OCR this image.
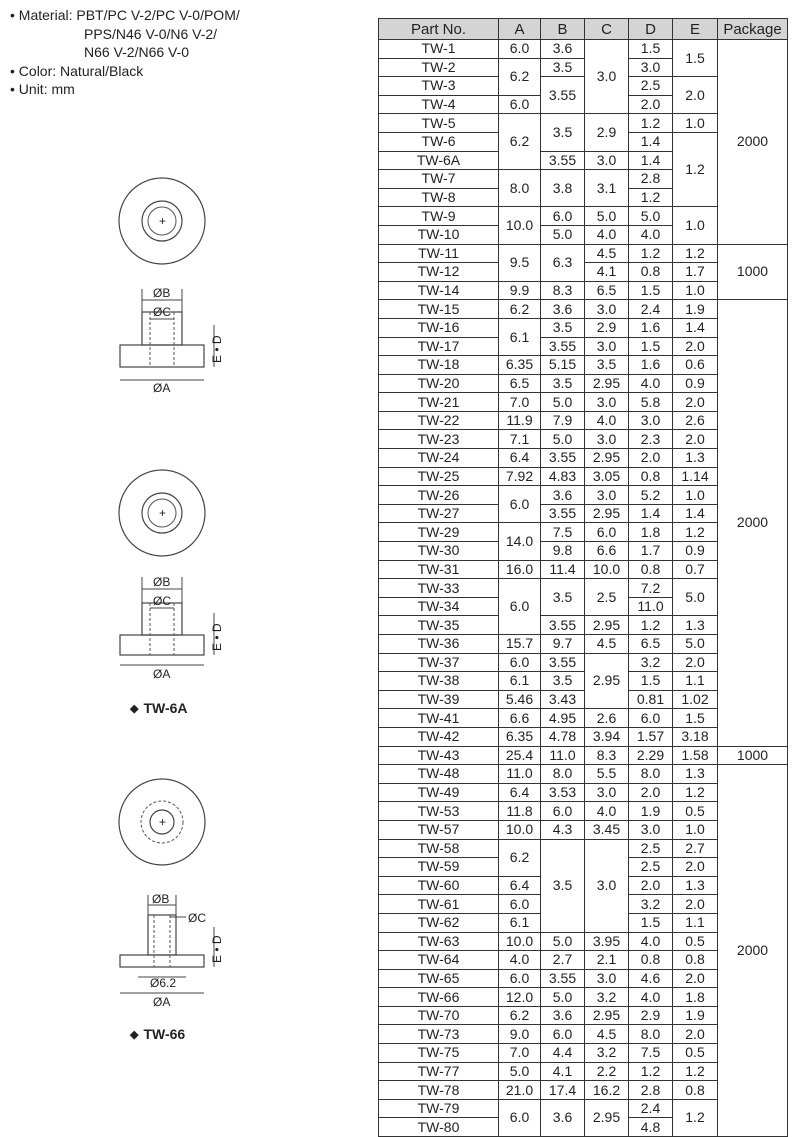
• Material: PBT/PC V-2/PC V-0/POM/
PPS/N46 V-0/N6 V-2/
N66 V-2/N66 V-0
• Color: Natural/Black
• Unit: mm
+
ØB
ØC
ØA
E • D
+
ØB
ØC
ØA
E • D
◆ TW-6A
+
ØB
ØC
Ø6.2
ØA
E • D
◆ TW-66
Part No.	A	B	C	D	E	Package
TW-1	6.0	3.6	3.0	1.5	1.5	2000
TW-2	6.2	3.5		3.0		
TW-3		3.55		2.5	2.0	
TW-4	6.0			2.0		
TW-5	6.2	3.5	2.9	1.2	1.0	
TW-6				1.4	1.2	
TW-6A		3.55	3.0	1.4		
TW-7	8.0	3.8	3.1	2.8		
TW-8				1.2		
TW-9	10.0	6.0	5.0	5.0	1.0	
TW-10		5.0	4.0	4.0		
TW-11	9.5	6.3	4.5	1.2	1.2	1000
TW-12			4.1	0.8	1.7	
TW-14	9.9	8.3	6.5	1.5	1.0	
TW-15	6.2	3.6	3.0	2.4	1.9	2000
TW-16	6.1	3.5	2.9	1.6	1.4	
TW-17		3.55	3.0	1.5	2.0	
TW-18	6.35	5.15	3.5	1.6	0.6	
TW-20	6.5	3.5	2.95	4.0	0.9	
TW-21	7.0	5.0	3.0	5.8	2.0	
TW-22	11.9	7.9	4.0	3.0	2.6	
TW-23	7.1	5.0	3.0	2.3	2.0	
TW-24	6.4	3.55	2.95	2.0	1.3	
TW-25	7.92	4.83	3.05	0.8	1.14	
TW-26	6.0	3.6	3.0	5.2	1.0	
TW-27		3.55	2.95	1.4	1.4	
TW-29	14.0	7.5	6.0	1.8	1.2	
TW-30		9.8	6.6	1.7	0.9	
TW-31	16.0	11.4	10.0	0.8	0.7	
TW-33	6.0	3.5	2.5	7.2	5.0	
TW-34				11.0		
TW-35		3.55	2.95	1.2	1.3	
TW-36	15.7	9.7	4.5	6.5	5.0	
TW-37	6.0	3.55	2.95	3.2	2.0	
TW-38	6.1	3.5		1.5	1.1	
TW-39	5.46	3.43		0.81	1.02	
TW-41	6.6	4.95	2.6	6.0	1.5	
TW-42	6.35	4.78	3.94	1.57	3.18	
TW-43	25.4	11.0	8.3	2.29	1.58	1000
TW-48	11.0	8.0	5.5	8.0	1.3	2000
TW-49	6.4	3.53	3.0	2.0	1.2	
TW-53	11.8	6.0	4.0	1.9	0.5	
TW-57	10.0	4.3	3.45	3.0	1.0	
TW-58	6.2	3.5	3.0	2.5	2.7	
TW-59				2.5	2.0	
TW-60	6.4			2.0	1.3	
TW-61	6.0			3.2	2.0	
TW-62	6.1			1.5	1.1	
TW-63	10.0	5.0	3.95	4.0	0.5	
TW-64	4.0	2.7	2.1	0.8	0.8	
TW-65	6.0	3.55	3.0	4.6	2.0	
TW-66	12.0	5.0	3.2	4.0	1.8	
TW-70	6.2	3.6	2.95	2.9	1.9	
TW-73	9.0	6.0	4.5	8.0	2.0	
TW-75	7.0	4.4	3.2	7.5	0.5	
TW-77	5.0	4.1	2.2	1.2	1.2	
TW-78	21.0	17.4	16.2	2.8	0.8	
TW-79	6.0	3.6	2.95	2.4	1.2	
TW-80				4.8		
